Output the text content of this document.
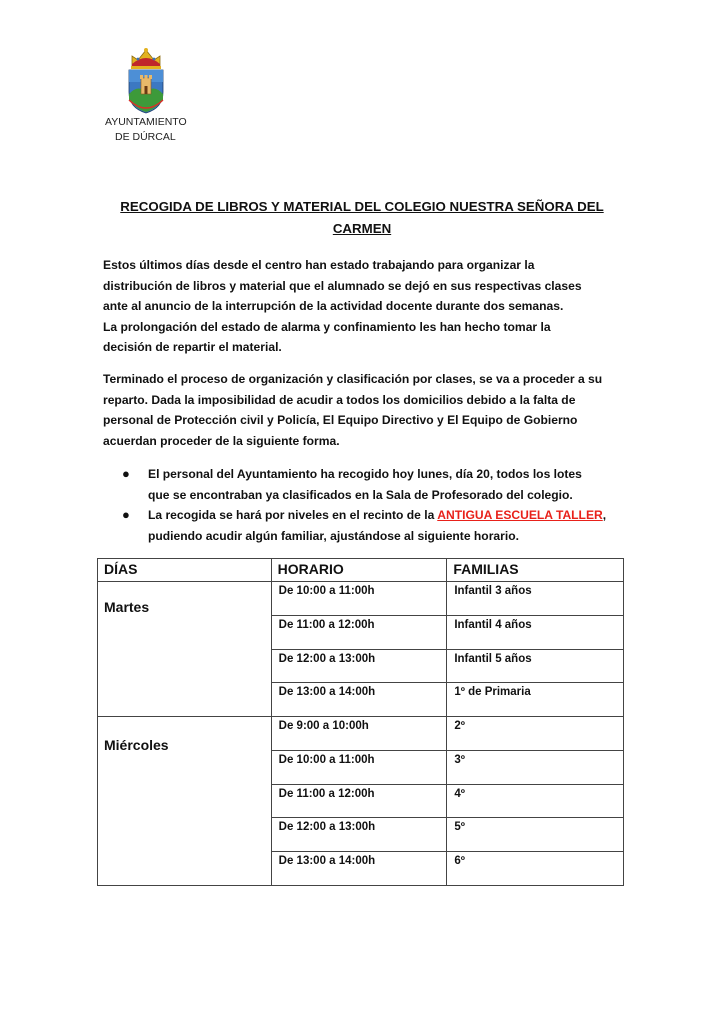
AYUNTAMIENTO
DE DÚRCAL
RECOGIDA DE LIBROS Y MATERIAL DEL COLEGIO NUESTRA SEÑORA DEL
CARMEN
Estos últimos días desde el centro han estado trabajando para organizar la
distribución de libros y material que el alumnado se dejó en sus respectivas clases
ante al anuncio de la interrupción de la actividad docente durante dos semanas.
La prolongación del estado de alarma y confinamiento les han hecho tomar la
decisión de repartir el material.
Terminado el proceso de organización y clasificación por clases, se va a proceder a su
reparto. Dada la imposibilidad de acudir a todos los domicilios debido a la falta de
personal de Protección civil y Policía, El Equipo Directivo y El Equipo de Gobierno
acuerdan proceder de la siguiente forma.
● El personal del Ayuntamiento ha recogido hoy lunes, día 20, todos los lotes
que se encontraban ya clasificados en la Sala de Profesorado del colegio.
● La recogida se hará por niveles en el recinto de la ANTIGUA ESCUELA TALLER,
pudiendo acudir algún familiar, ajustándose al siguiente horario.
DÍAS	HORARIO	FAMILIAS

Martes	De 10:00 a 11:00h	Infantil 3 años
	De 11:00 a 12:00h	Infantil 4 años
	De 12:00 a 13:00h	Infantil 5 años
	De 13:00 a 14:00h	1º de Primaria

Miércoles	De 9:00 a 10:00h	2º
	De 10:00 a 11:00h	3º
	De 11:00 a 12:00h	4º
	De 12:00 a 13:00h	5º
	De 13:00 a 14:00h	6º
